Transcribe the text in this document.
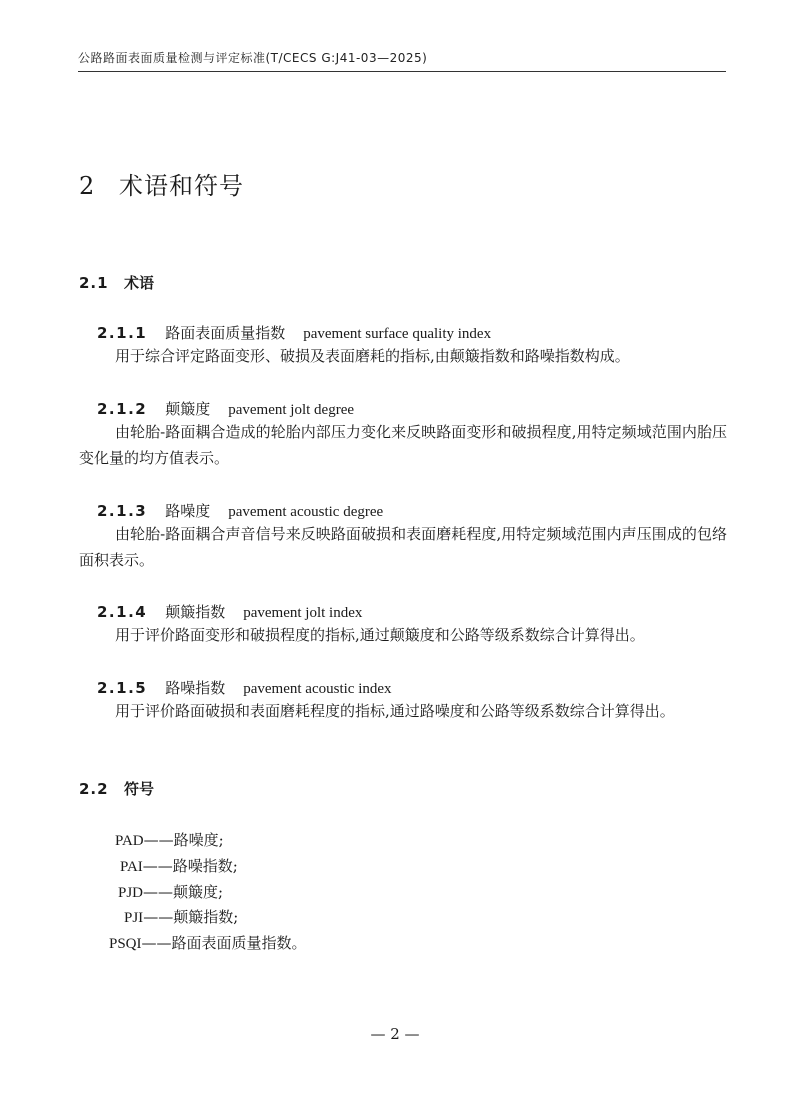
公路路面表面质量检测与评定标准(T/CECS G:J41-03—2025)
2 术语和符号
2.1 术语
2.1.1 路面表面质量指数 pavement surface quality index
用于综合评定路面变形、破损及表面磨耗的指标,由颠簸指数和路噪指数构成。
2.1.2 颠簸度 pavement jolt degree
由轮胎-路面耦合造成的轮胎内部压力变化来反映路面变形和破损程度,用特定频域范围内胎压变化量的均方值表示。
2.1.3 路噪度 pavement acoustic degree
由轮胎-路面耦合声音信号来反映路面破损和表面磨耗程度,用特定频域范围内声压围成的包络面积表示。
2.1.4 颠簸指数 pavement jolt index
用于评价路面变形和破损程度的指标,通过颠簸度和公路等级系数综合计算得出。
2.1.5 路噪指数 pavement acoustic index
用于评价路面破损和表面磨耗程度的指标,通过路噪度和公路等级系数综合计算得出。
2.2 符号
PAD——路噪度;
PAI——路噪指数;
PJD——颠簸度;
PJI——颠簸指数;
PSQI——路面表面质量指数。
— 2 —
